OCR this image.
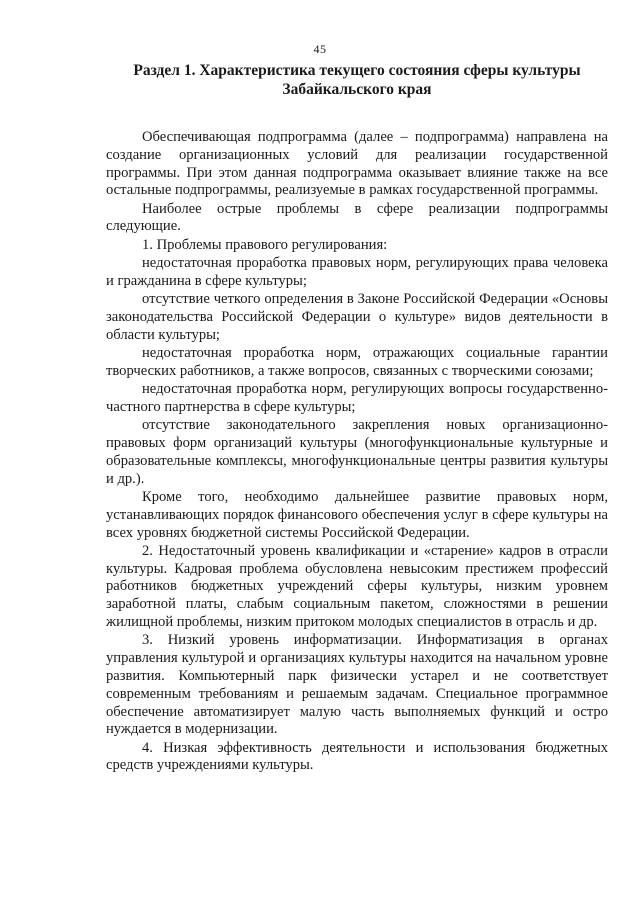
45
Раздел 1. Характеристика текущего состояния сферы культуры
Забайкальского края

Обеспечивающая подпрограмма (далее – подпрограмма) направлена на создание организационных условий для реализации государственной программы. При этом данная подпрограмма оказывает влияние также на все остальные подпрограммы, реализуемые в рамках государственной программы.

Наиболее острые проблемы в сфере реализации подпрограммы следующие.

1. Проблемы правового регулирования:

недостаточная проработка правовых норм, регулирующих права человека и гражданина в сфере культуры;

отсутствие четкого определения в Законе Российской Федерации «Основы законодательства Российской Федерации о культуре» видов деятельности в области культуры;

недостаточная проработка норм, отражающих социальные гарантии творческих работников, а также вопросов, связанных с творческими союзами;

недостаточная проработка норм, регулирующих вопросы государственно-частного партнерства в сфере культуры;

отсутствие законодательного закрепления новых организационно-правовых форм организаций культуры (многофункциональные культурные и образовательные комплексы, многофункциональные центры развития культуры и др.).

Кроме того, необходимо дальнейшее развитие правовых норм, устанавливающих порядок финансового обеспечения услуг в сфере культуры на всех уровнях бюджетной системы Российской Федерации.

2. Недостаточный уровень квалификации и «старение» кадров в отрасли культуры. Кадровая проблема обусловлена невысоким престижем профессий работников бюджетных учреждений сферы культуры, низким уровнем заработной платы, слабым социальным пакетом, сложностями в решении жилищной проблемы, низким притоком молодых специалистов в отрасль и др.

3. Низкий уровень информатизации. Информатизация в органах управления культурой и организациях культуры находится на начальном уровне развития. Компьютерный парк физически устарел и не соответствует современным требованиям и решаемым задачам. Специальное программное обеспечение автоматизирует малую часть выполняемых функций и остро нуждается в модернизации.

4. Низкая эффективность деятельности и использования бюджетных средств учреждениями культуры.
